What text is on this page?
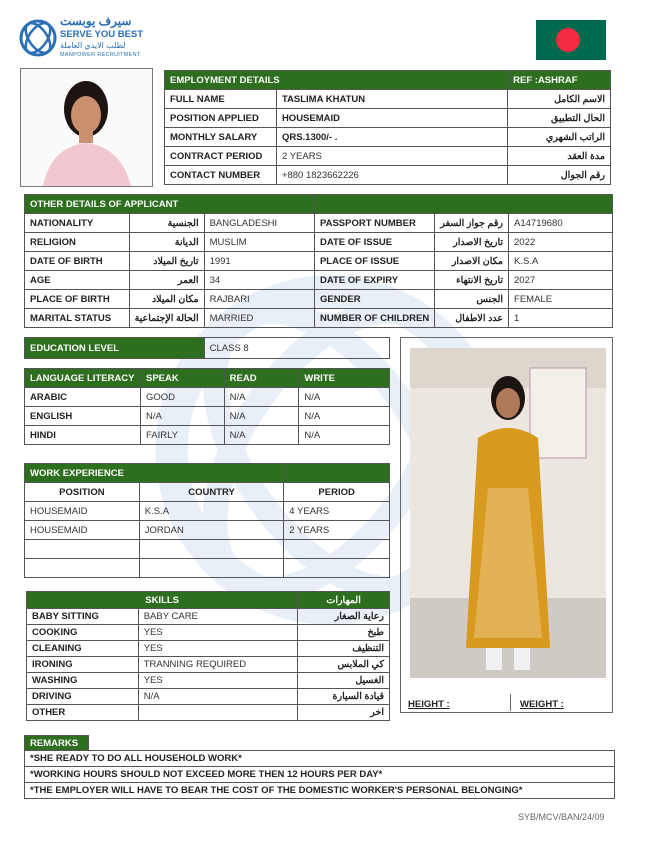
سيرف يوبست
SERVE YOU BEST
لطلب الايدي العاملة
MANPOWER RECRUITMENT
EMPLOYMENT DETAILS		REF :ASHRAF
FULL NAME	TASLIMA KHATUN	الاسم الكامل
POSITION APPLIED	HOUSEMAID	الحال التطبيق
MONTHLY SALARY	QRS.1300/- .	الراتب الشهري
CONTRACT PERIOD	2 YEARS	مدة العقد
CONTACT NUMBER	+880 1823662226	رقم الجوال
OTHER DETAILS OF APPLICANT					
NATIONALITY	الجنسية	BANGLADESHI	PASSPORT NUMBER	رقم جواز السفر	A14719680
RELIGION	الديانة	MUSLIM	DATE OF ISSUE	تاريخ الاصدار	2022
DATE OF BIRTH	تاريخ الميلاد	1991	PLACE OF ISSUE	مكان الاصدار	K.S.A
AGE	العمر	34	DATE OF EXPIRY	تاريخ الانتهاء	2027
PLACE OF BIRTH	مكان الميلاد	RAJBARI	GENDER	الجنس	FEMALE
MARITAL STATUS	الحالة الإجتماعية	MARRIED	NUMBER OF CHILDREN	عدد الاطفال	1
EDUCATION LEVEL	CLASS 8
LANGUAGE LITERACY	SPEAK	READ	WRITE
ARABIC	GOOD	N/A	N/A
ENGLISH	N/A	N/A	N/A
HINDI	FAIRLY	N/A	N/A
WORK EXPERIENCE		
POSITION	COUNTRY	PERIOD
HOUSEMAID	K.S.A	4 YEARS
HOUSEMAID	JORDAN	2 YEARS

SKILLS		المهارات
BABY SITTING	BABY CARE	رعاية الصغار
COOKING	YES	طبخ
CLEANING	YES	التنظيف
IRONING	TRANNING REQUIRED	كي الملابس
WASHING	YES	الغسيل
DRIVING	N/A	قيادة السيارة
OTHER		اخر
HEIGHT :	WEIGHT :
REMARKS	
*SHE READY TO DO ALL HOUSEHOLD WORK*
*WORKING HOURS SHOULD NOT EXCEED MORE THEN 12 HOURS PER DAY*
*THE EMPLOYER WILL HAVE TO BEAR THE COST OF THE DOMESTIC WORKER'S PERSONAL BELONGING*
SYB/MCV/BAN/24/09
